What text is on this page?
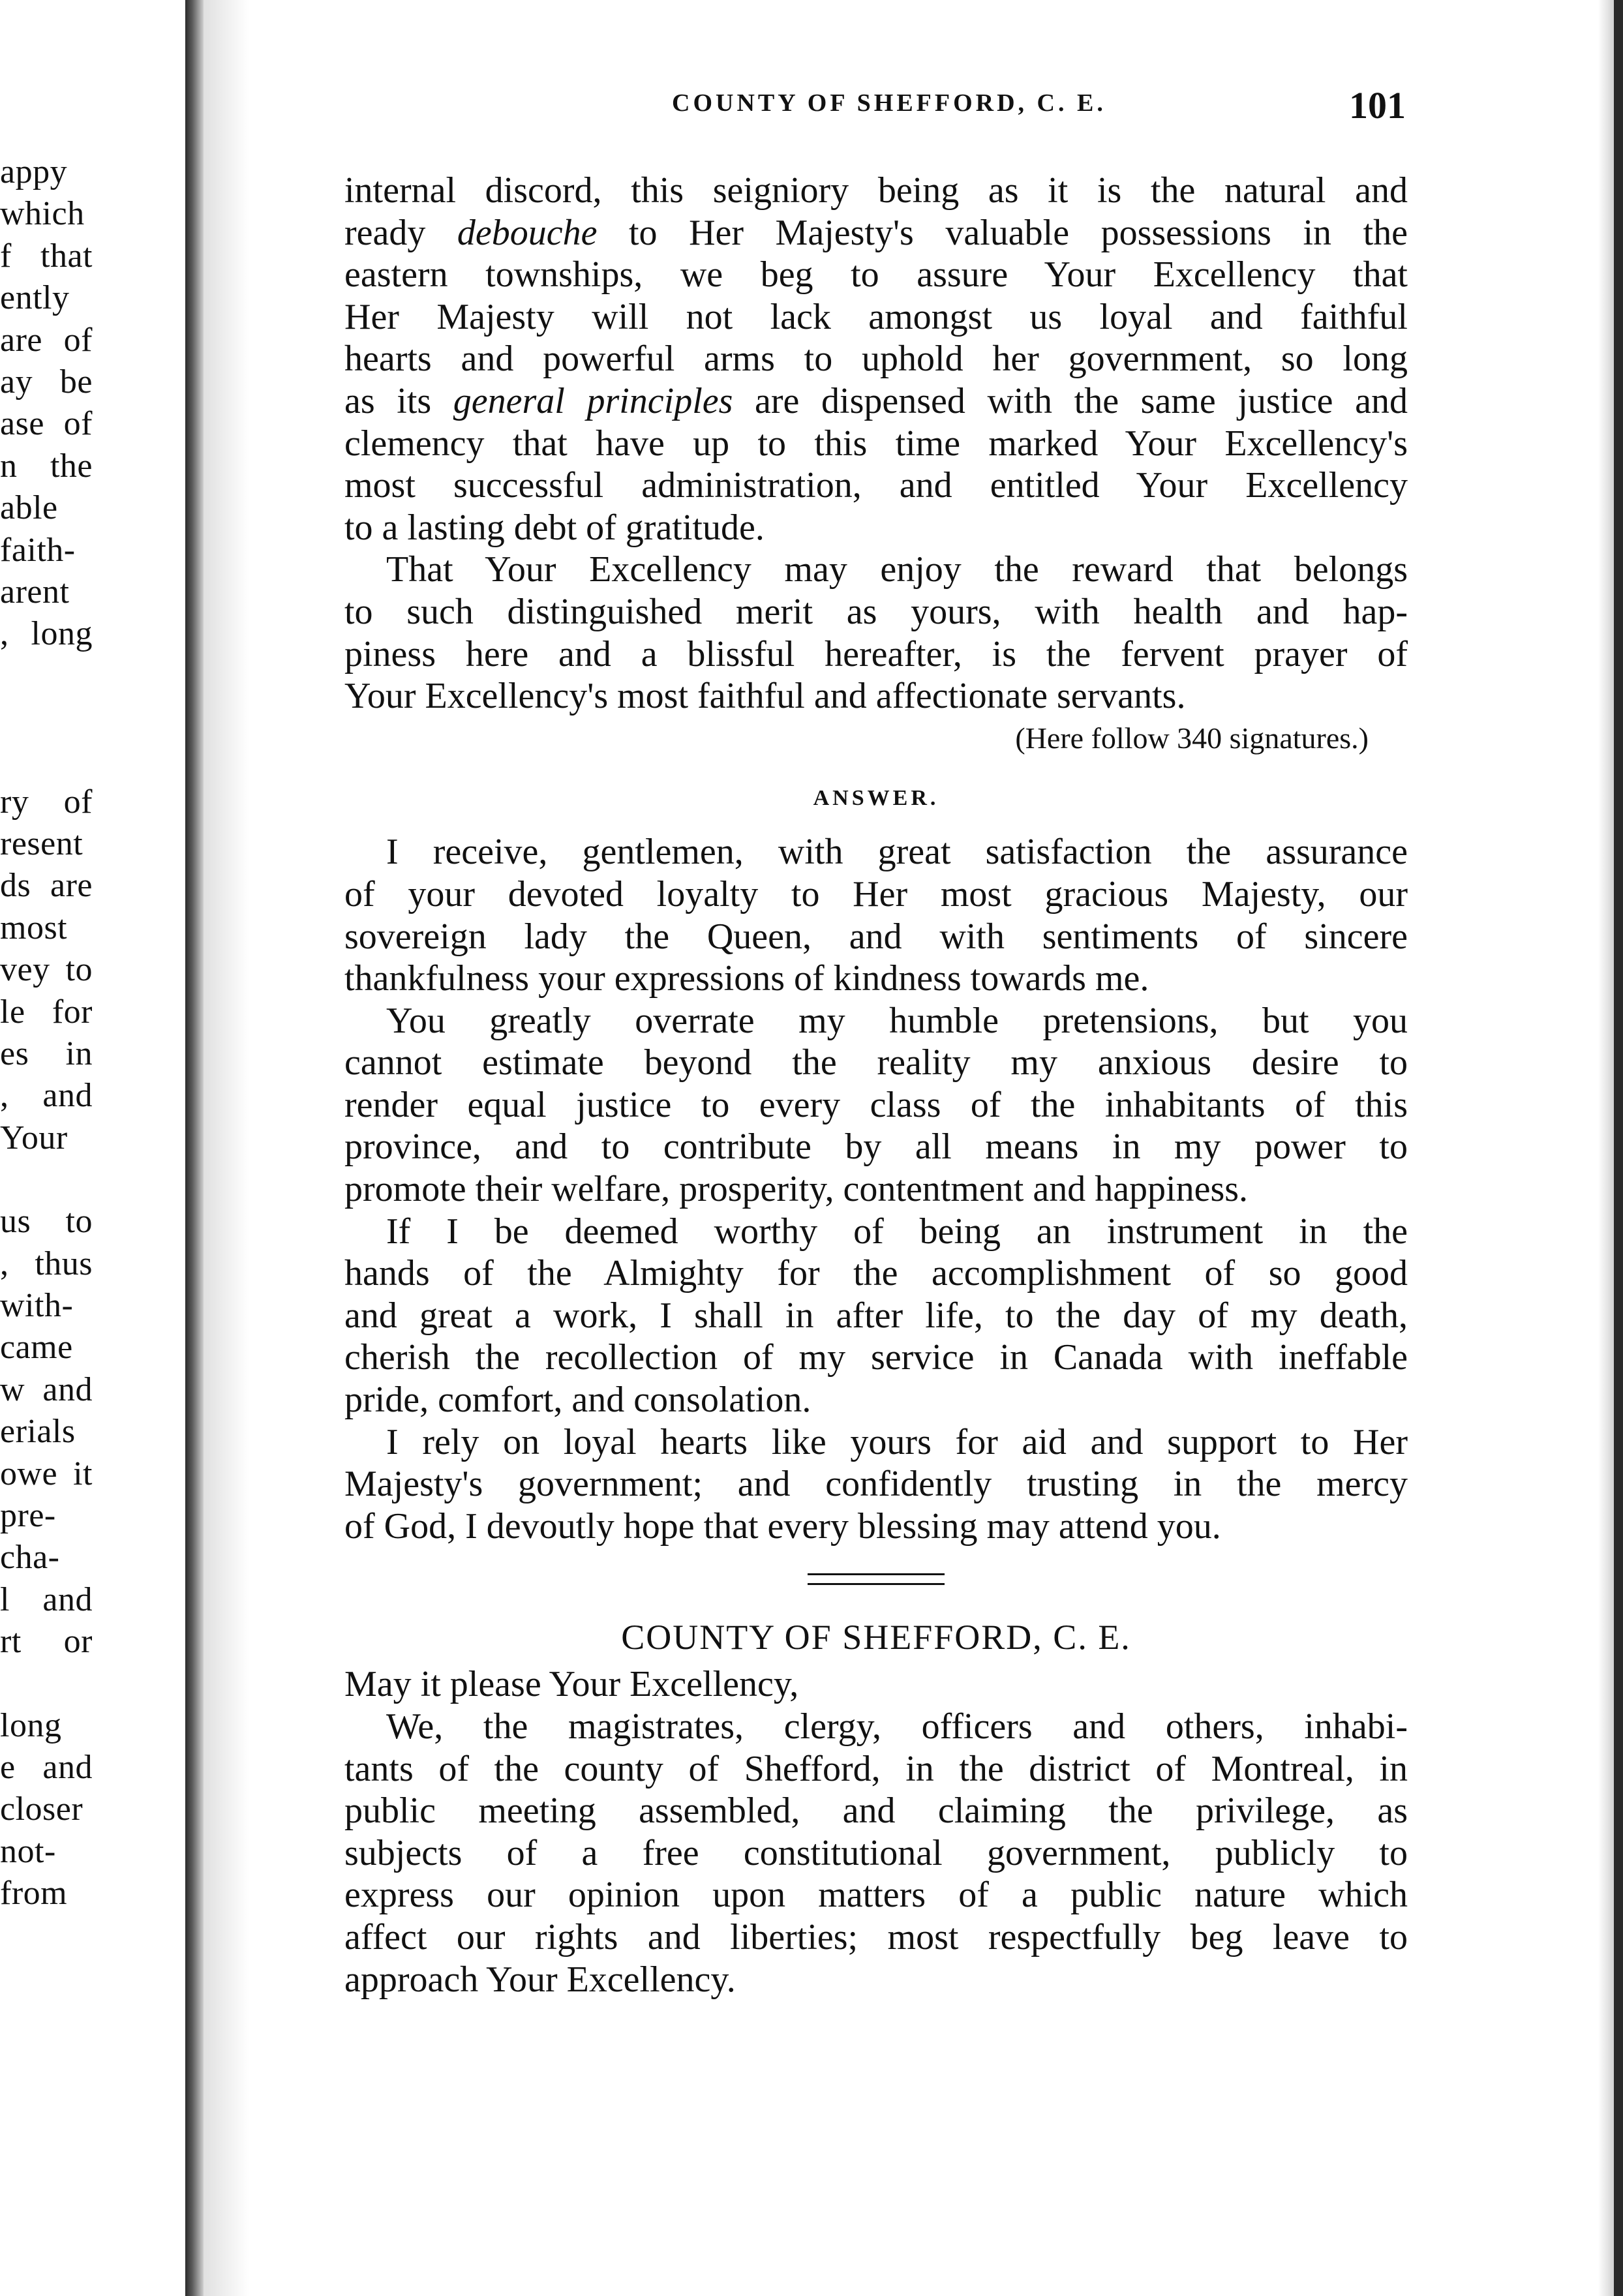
appy
which
f that
ently
are of
ay be
ase of
n the
able
faith-
arent
, long
ry of
resent
ds are
most
vey to
le for
es in
, and
Your
us to
, thus
with-
came
w and
erials
owe it
pre-
cha-
l and
rt or
long
e and
closer
not-
from
COUNTY OF SHEFFORD, C. E.	101
internal discord, this seigniory being as it is the natural and
ready debouche to Her Majesty's valuable possessions in the
eastern townships, we beg to assure Your Excellency that
Her Majesty will not lack amongst us loyal and faithful
hearts and powerful arms to uphold her government, so long
as its general principles are dispensed with the same justice and
clemency that have up to this time marked Your Excellency's
most successful administration, and entitled Your Excellency
to a lasting debt of gratitude.
That Your Excellency may enjoy the reward that belongs
to such distinguished merit as yours, with health and hap-
piness here and a blissful hereafter, is the fervent prayer of
Your Excellency's most faithful and affectionate servants.
(Here follow 340 signatures.)
ANSWER.
I receive, gentlemen, with great satisfaction the assurance
of your devoted loyalty to Her most gracious Majesty, our
sovereign lady the Queen, and with sentiments of sincere
thankfulness your expressions of kindness towards me.
You greatly overrate my humble pretensions, but you
cannot estimate beyond the reality my anxious desire to
render equal justice to every class of the inhabitants of this
province, and to contribute by all means in my power to
promote their welfare, prosperity, contentment and happiness.
If I be deemed worthy of being an instrument in the
hands of the Almighty for the accomplishment of so good
and great a work, I shall in after life, to the day of my death,
cherish the recollection of my service in Canada with ineffable
pride, comfort, and consolation.
I rely on loyal hearts like yours for aid and support to Her
Majesty's government; and confidently trusting in the mercy
of God, I devoutly hope that every blessing may attend you.
COUNTY OF SHEFFORD, C. E.
May it please Your Excellency,
We, the magistrates, clergy, officers and others, inhabi-
tants of the county of Shefford, in the district of Montreal, in
public meeting assembled, and claiming the privilege, as
subjects of a free constitutional government, publicly to
express our opinion upon matters of a public nature which
affect our rights and liberties; most respectfully beg leave to
approach Your Excellency.
